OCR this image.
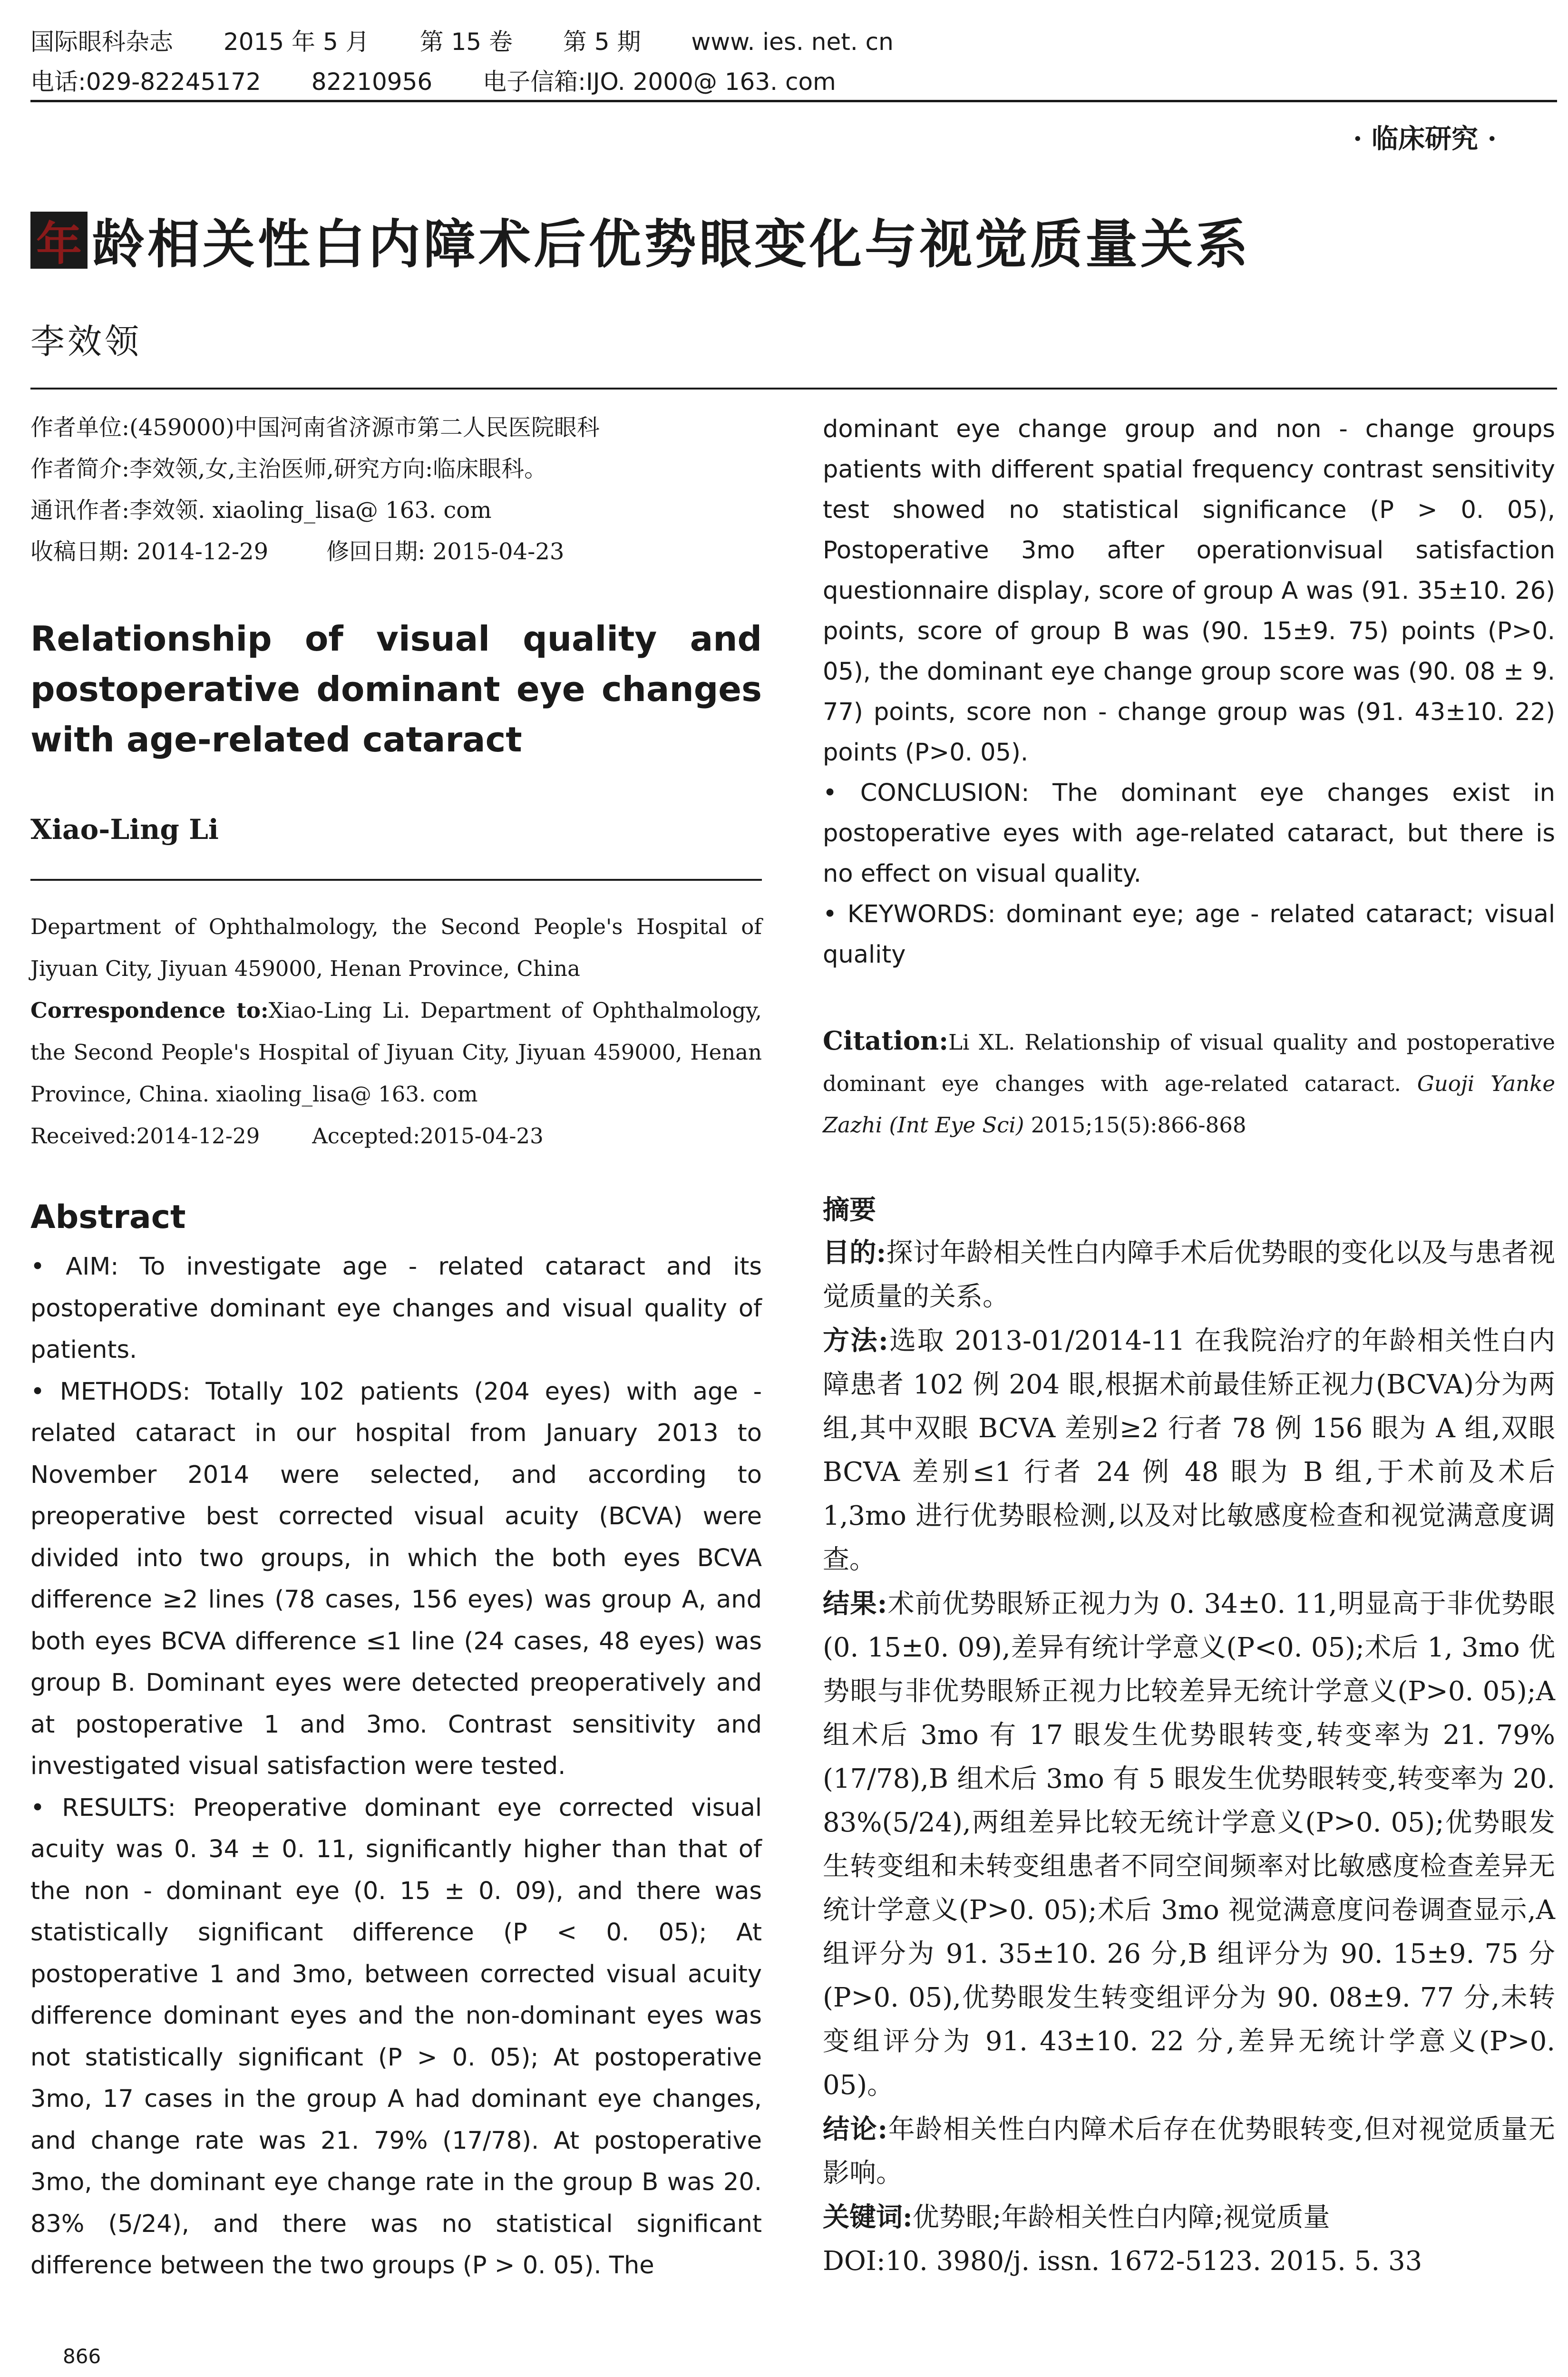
国际眼科杂志 2015 年 5 月 第 15 卷 第 5 期 www. ies. net. cn
电话:029-82245172 82210956 电子信箱:IJO. 2000@ 163. com
· 临床研究 ·
年 龄相关性白内障术后优势眼变化与视觉质量关系
李效领
作者单位:(459000)中国河南省济源市第二人民医院眼科
作者简介:李效领,女,主治医师,研究方向:临床眼科。
通讯作者:李效领. xiaoling_lisa@ 163. com
收稿日期: 2014-12-29        修回日期: 2015-04-23
Relationship of visual quality and postoperative dominant eye changes with age-related cataract
Xiao-Ling Li

Department of Ophthalmology, the Second People's Hospital of Jiyuan City, Jiyuan 459000, Henan Province, China

Correspondence to:Xiao-Ling Li. Department of Ophthalmology, the Second People's Hospital of Jiyuan City, Jiyuan 459000, Henan Province, China. xiaoling_lisa@ 163. com

Received:2014-12-29 Accepted:2015-04-23

Abstract

• AIM: To investigate age - related cataract and its postoperative dominant eye changes and visual quality of patients.

• METHODS: Totally 102 patients (204 eyes) with age - related cataract in our hospital from January 2013 to November 2014 were selected, and according to preoperative best corrected visual acuity (BCVA) were divided into two groups, in which the both eyes BCVA difference ≥2 lines (78 cases, 156 eyes) was group A, and both eyes BCVA difference ≤1 line (24 cases, 48 eyes) was group B. Dominant eyes were detected preoperatively and at postoperative 1 and 3mo. Contrast sensitivity and investigated visual satisfaction were tested.

• RESULTS: Preoperative dominant eye corrected visual acuity was 0. 34 ± 0. 11, significantly higher than that of the non - dominant eye (0. 15 ± 0. 09), and there was statistically significant difference (P < 0. 05); At postoperative 1 and 3mo, between corrected visual acuity difference dominant eyes and the non-dominant eyes was not statistically significant (P > 0. 05); At postoperative 3mo, 17 cases in the group A had dominant eye changes, and change rate was 21. 79% (17/78). At postoperative 3mo, the dominant eye change rate in the group B was 20. 83% (5/24), and there was no statistical significant difference between the two groups (P > 0. 05). The

dominant eye change group and non - change groups patients with different spatial frequency contrast sensitivity test showed no statistical significance (P > 0. 05), Postoperative 3mo after operationvisual satisfaction questionnaire display, score of group A was (91. 35±10. 26) points, score of group B was (90. 15±9. 75) points (P>0. 05), the dominant eye change group score was (90. 08 ± 9. 77) points, score non - change group was (91. 43±10. 22) points (P>0. 05).

• CONCLUSION: The dominant eye changes exist in postoperative eyes with age-related cataract, but there is no effect on visual quality.

• KEYWORDS: dominant eye; age - related cataract; visual quality

Citation:Li XL. Relationship of visual quality and postoperative dominant eye changes with age-related cataract. Guoji Yanke Zazhi (Int Eye Sci) 2015;15(5):866-868
摘要

目的:探讨年龄相关性白内障手术后优势眼的变化以及与患者视觉质量的关系。

方法:选取 2013-01/2014-11 在我院治疗的年龄相关性白内障患者 102 例 204 眼,根据术前最佳矫正视力(BCVA)分为两组,其中双眼 BCVA 差别≥2 行者 78 例 156 眼为 A 组,双眼 BCVA 差别≤1 行者 24 例 48 眼为 B 组,于术前及术后 1,3mo 进行优势眼检测,以及对比敏感度检查和视觉满意度调查。

结果:术前优势眼矫正视力为 0. 34±0. 11,明显高于非优势眼(0. 15±0. 09),差异有统计学意义(P<0. 05);术后 1, 3mo 优势眼与非优势眼矫正视力比较差异无统计学意义(P>0. 05);A 组术后 3mo 有 17 眼发生优势眼转变,转变率为 21. 79%(17/78),B 组术后 3mo 有 5 眼发生优势眼转变,转变率为 20. 83%(5/24),两组差异比较无统计学意义(P>0. 05);优势眼发生转变组和未转变组患者不同空间频率对比敏感度检查差异无统计学意义(P>0. 05);术后 3mo 视觉满意度问卷调查显示,A 组评分为 91. 35±10. 26 分,B 组评分为 90. 15±9. 75 分(P>0. 05),优势眼发生转变组评分为 90. 08±9. 77 分,未转变组评分为 91. 43±10. 22 分,差异无统计学意义(P>0. 05)。

结论:年龄相关性白内障术后存在优势眼转变,但对视觉质量无影响。

关键词:优势眼;年龄相关性白内障;视觉质量

DOI:10. 3980/j. issn. 1672-5123. 2015. 5. 33

866
